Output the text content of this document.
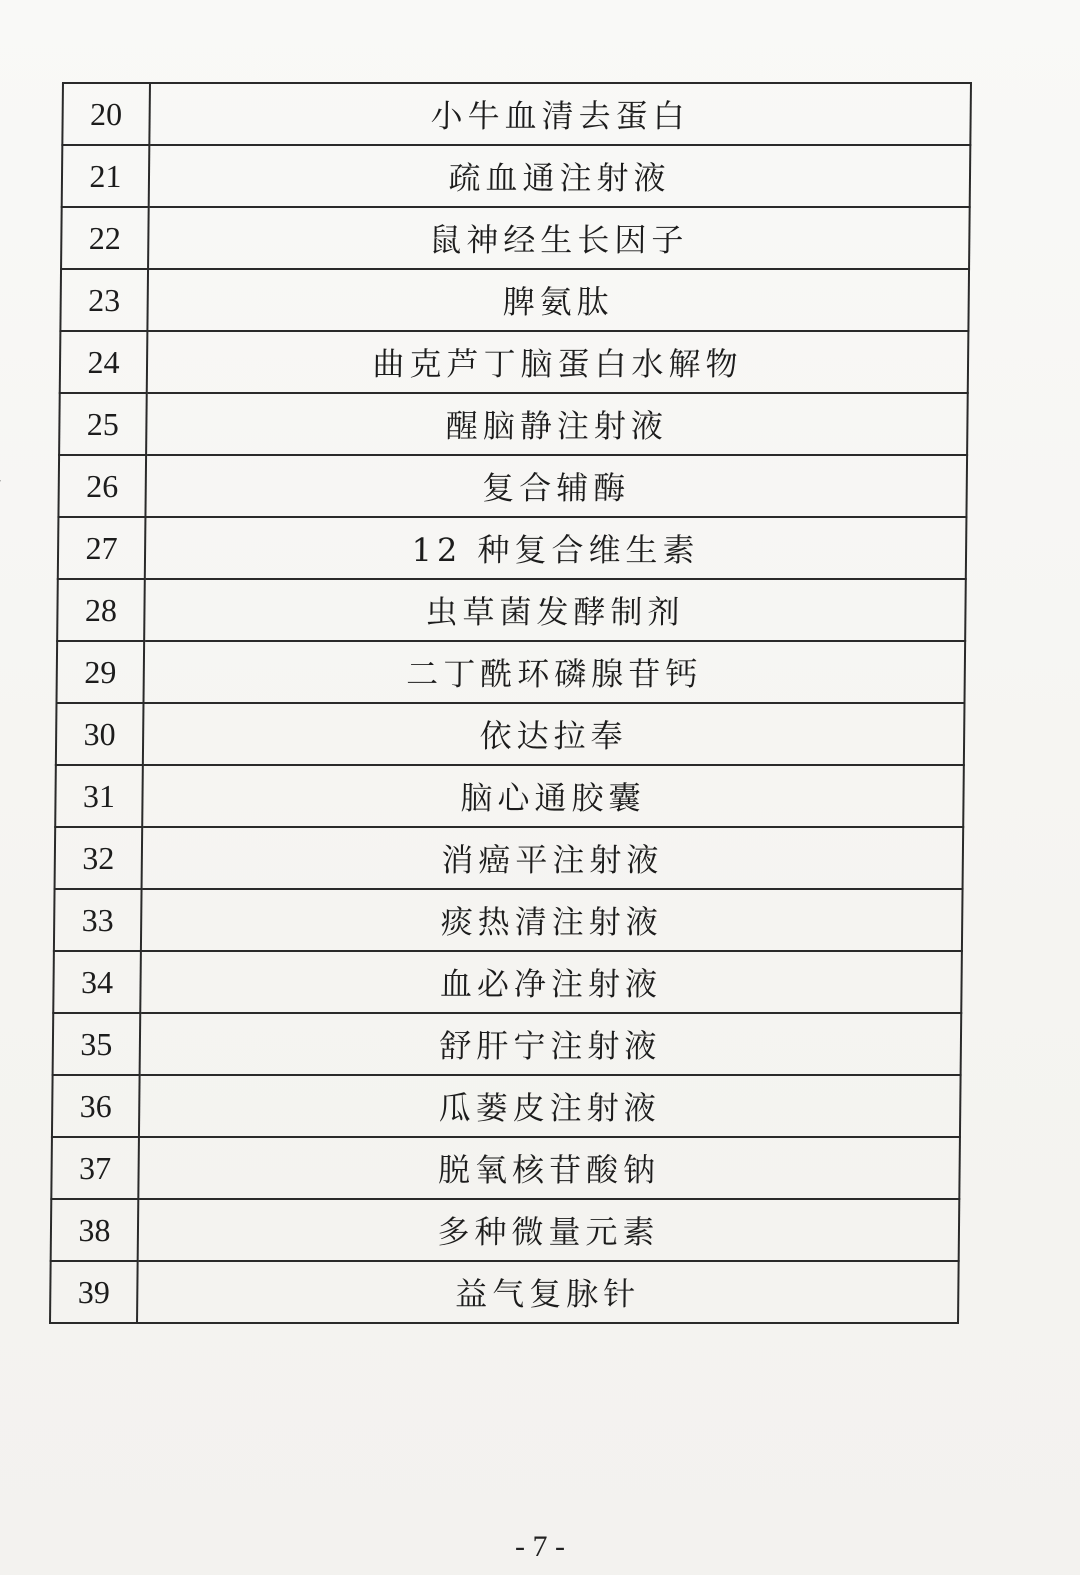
20	小牛血清去蛋白
21	疏血通注射液
22	鼠神经生长因子
23	脾氨肽
24	曲克芦丁脑蛋白水解物
25	醒脑静注射液
26	复合辅酶
27	12 种复合维生素
28	虫草菌发酵制剂
29	二丁酰环磷腺苷钙
30	依达拉奉
31	脑心通胶囊
32	消癌平注射液
33	痰热清注射液
34	血必净注射液
35	舒肝宁注射液
36	瓜蒌皮注射液
37	脱氧核苷酸钠
38	多种微量元素
39	益气复脉针
- 7 -
